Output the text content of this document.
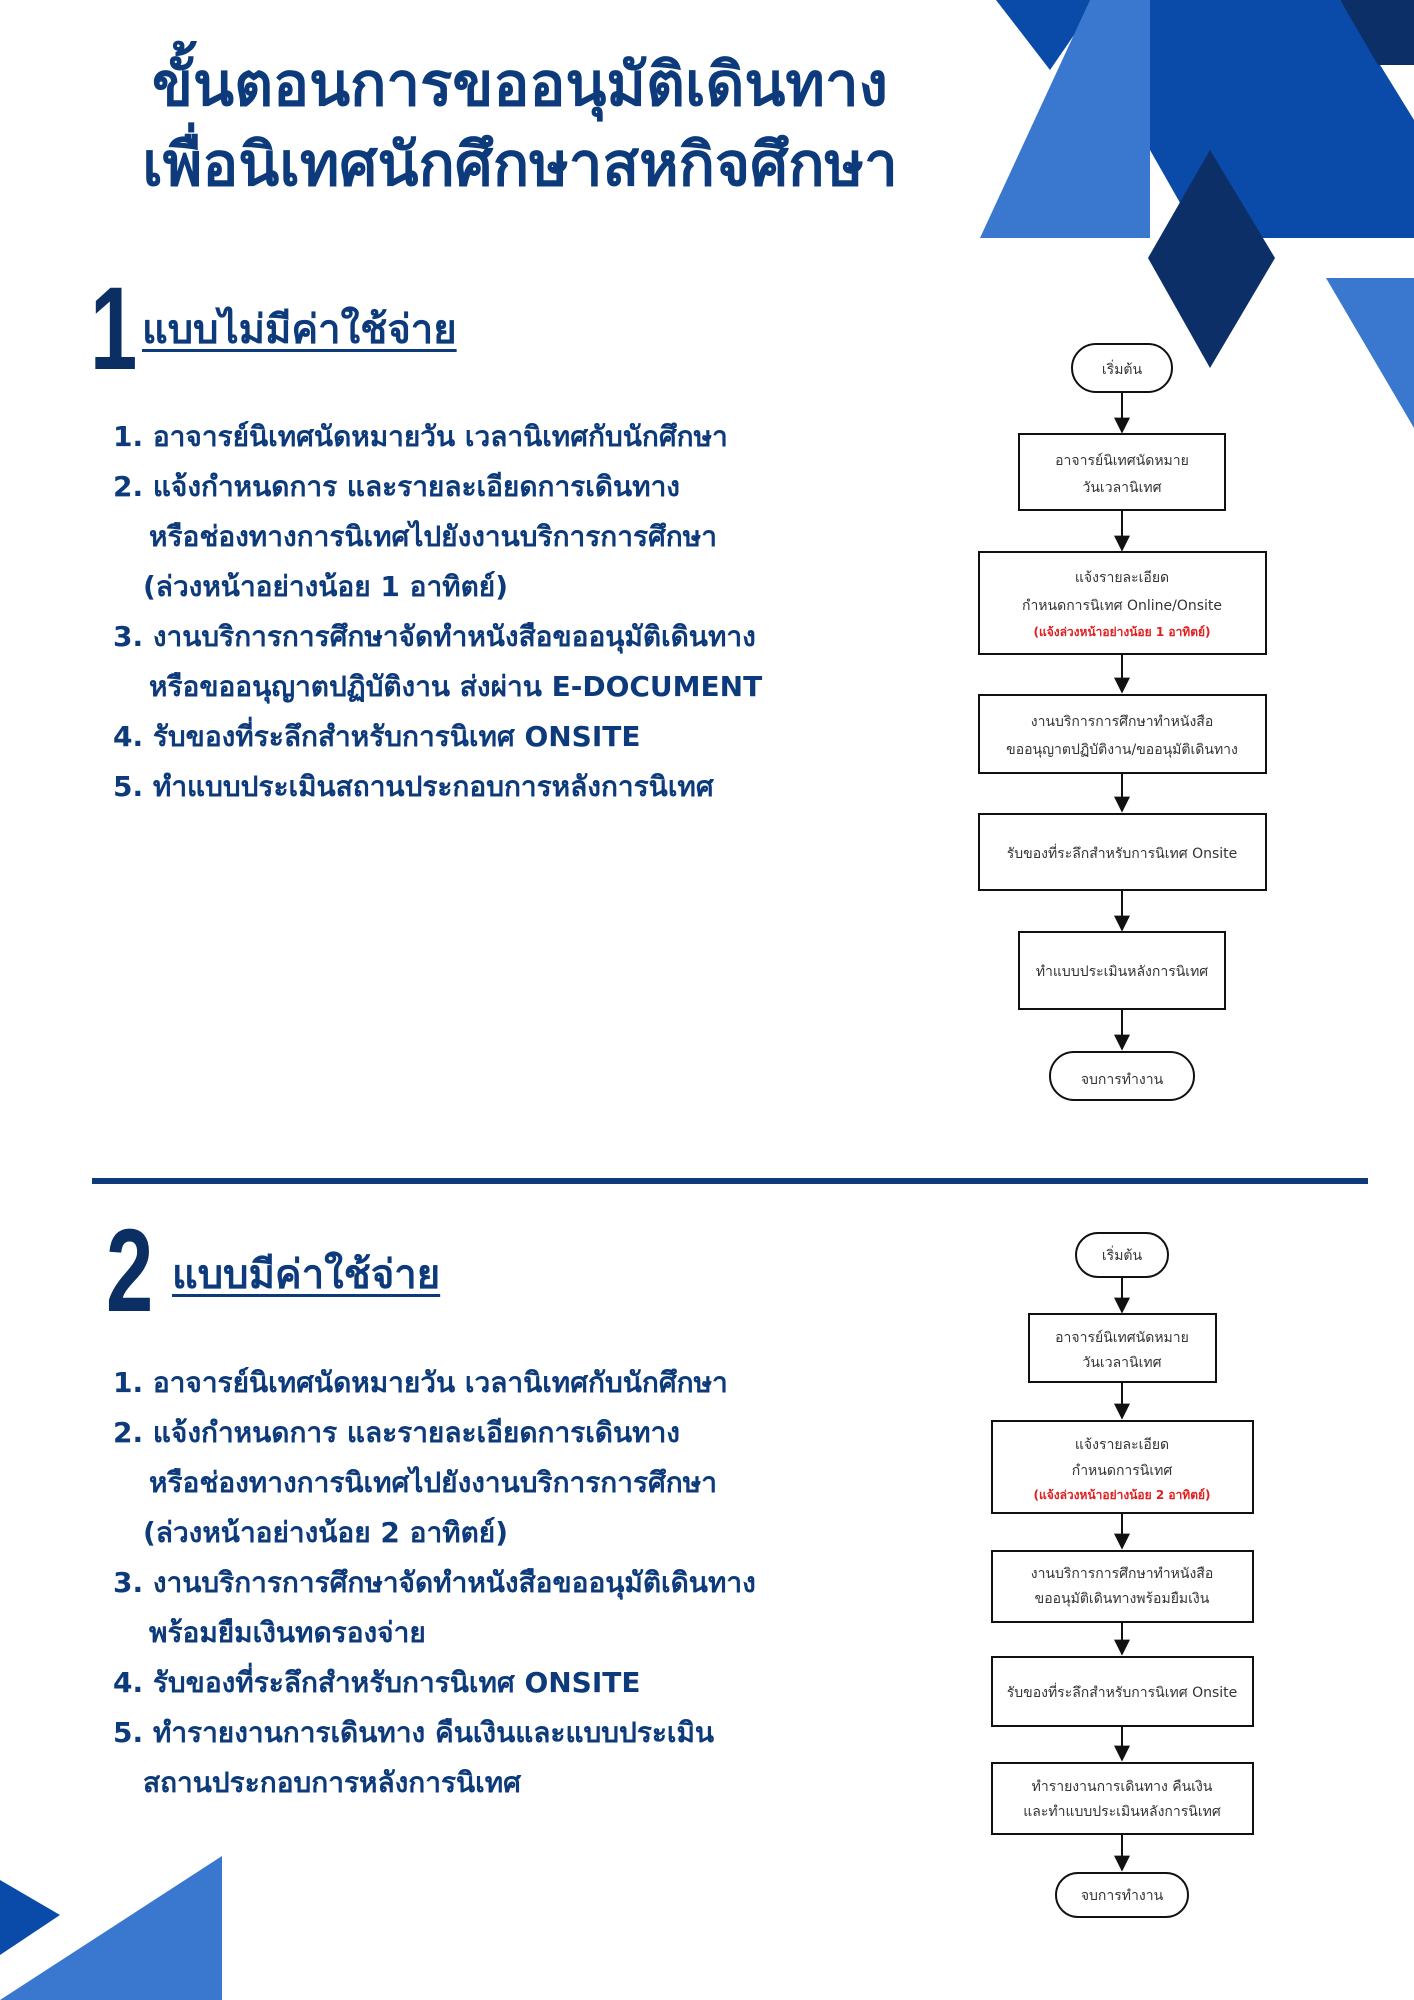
ขั้นตอนการขออนุมัติเดินทาง
เพื่อนิเทศนักศึกษาสหกิจศึกษา
1 แบบไม่มีค่าใช้จ่าย
1. อาจารย์นิเทศนัดหมายวัน เวลานิเทศกับนักศึกษา
2. แจ้งกำหนดการ และรายละเอียดการเดินทาง
หรือช่องทางการนิเทศไปยังงานบริการการศึกษา
(ล่วงหน้าอย่างน้อย 1 อาทิตย์)
3. งานบริการการศึกษาจัดทำหนังสือขออนุมัติเดินทาง
หรือขออนุญาตปฏิบัติงาน ส่งผ่าน E-DOCUMENT
4. รับของที่ระลึกสำหรับการนิเทศ ONSITE
5. ทำแบบประเมินสถานประกอบการหลังการนิเทศ
เริ่มต้น
อาจารย์นิเทศนัดหมาย
วันเวลานิเทศ
แจ้งรายละเอียด
กำหนดการนิเทศ Online/Onsite
(แจ้งล่วงหน้าอย่างน้อย 1 อาทิตย์)
งานบริการการศึกษาทำหนังสือ
ขออนุญาตปฏิบัติงาน/ขออนุมัติเดินทาง
รับของที่ระลึกสำหรับการนิเทศ Onsite
ทำแบบประเมินหลังการนิเทศ
จบการทำงาน
2 แบบมีค่าใช้จ่าย
1. อาจารย์นิเทศนัดหมายวัน เวลานิเทศกับนักศึกษา
2. แจ้งกำหนดการ และรายละเอียดการเดินทาง
หรือช่องทางการนิเทศไปยังงานบริการการศึกษา
(ล่วงหน้าอย่างน้อย 2 อาทิตย์)
3. งานบริการการศึกษาจัดทำหนังสือขออนุมัติเดินทาง
พร้อมยืมเงินทดรองจ่าย
4. รับของที่ระลึกสำหรับการนิเทศ ONSITE
5. ทำรายงานการเดินทาง คืนเงินและแบบประเมิน
สถานประกอบการหลังการนิเทศ
เริ่มต้น
อาจารย์นิเทศนัดหมาย
วันเวลานิเทศ
แจ้งรายละเอียด
กำหนดการนิเทศ
(แจ้งล่วงหน้าอย่างน้อย 2 อาทิตย์)
งานบริการการศึกษาทำหนังสือ
ขออนุมัติเดินทางพร้อมยืมเงิน
รับของที่ระลึกสำหรับการนิเทศ Onsite
ทำรายงานการเดินทาง คืนเงิน
และทำแบบประเมินหลังการนิเทศ
จบการทำงาน
